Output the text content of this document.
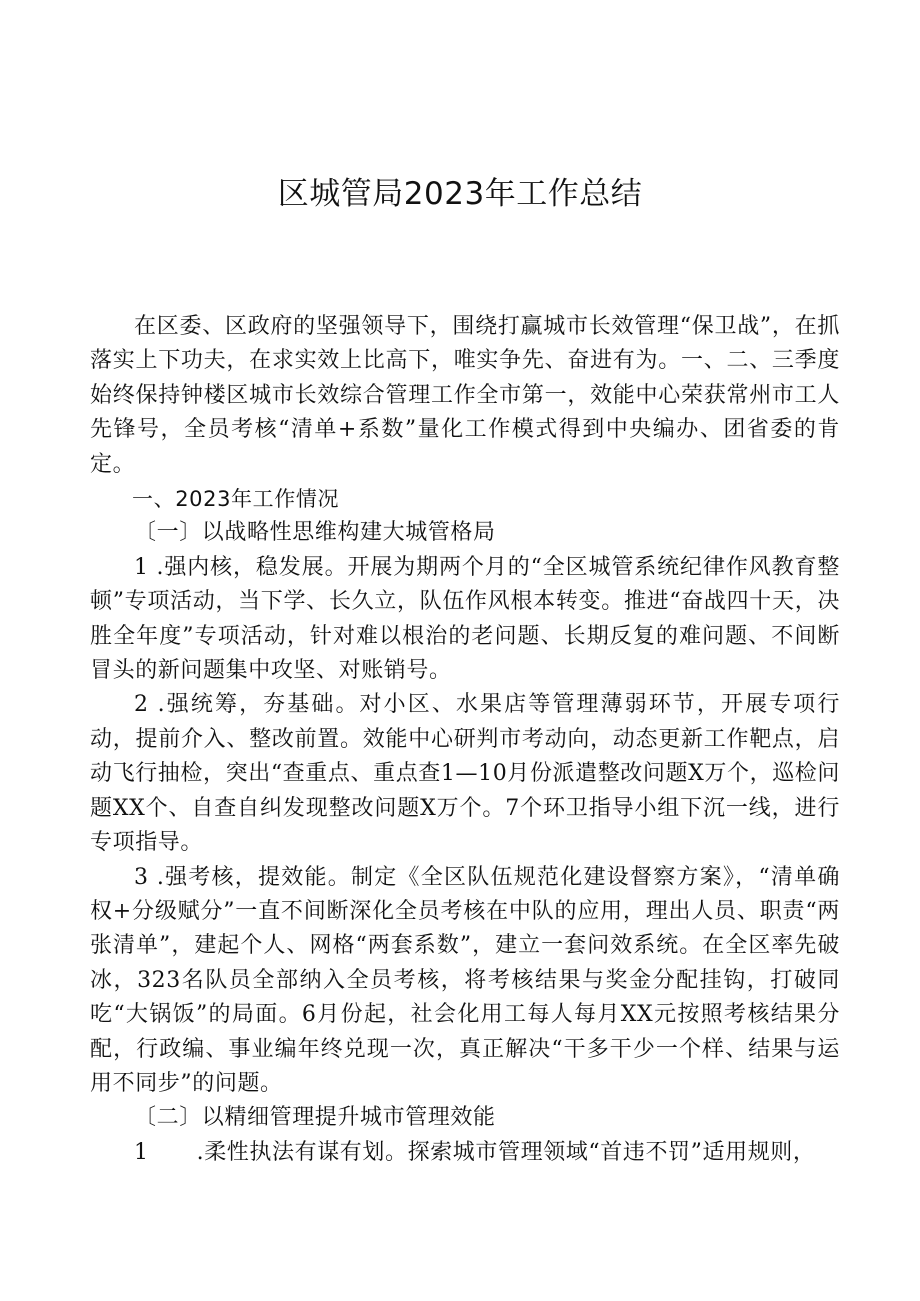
区城管局2023年工作总结

在区委、区政府的坚强领导下，围绕打赢城市长效管理“保卫战”，在抓落实上下功夫，在求实效上比高下，唯实争先、奋进有为。一、二、三季度始终保持钟楼区城市长效综合管理工作全市第一，效能中心荣获常州市工人先锋号，全员考核“清单+系数”量化工作模式得到中央编办、团省委的肯定。

一、2023年工作情况

〔一〕以战略性思维构建大城管格局

1 .强内核，稳发展。开展为期两个月的“全区城管系统纪律作风教育整顿”专项活动，当下学、长久立，队伍作风根本转变。推进“奋战四十天，决胜全年度”专项活动，针对难以根治的老问题、长期反复的难问题、不间断冒头的新问题集中攻坚、对账销号。

2 .强统筹，夯基础。对小区、水果店等管理薄弱环节，开展专项行动，提前介入、整改前置。效能中心研判市考动向，动态更新工作靶点，启动飞行抽检，突出“查重点、重点查1—10月份派遣整改问题X万个，巡检问题XX个、自查自纠发现整改问题X万个。7个环卫指导小组下沉一线，进行专项指导。

3 .强考核，提效能。制定《全区队伍规范化建设督察方案》，“清单确权+分级赋分”一直不间断深化全员考核在中队的应用，理出人员、职责“两张清单”，建起个人、网格“两套系数”，建立一套问效系统。在全区率先破冰，323名队员全部纳入全员考核，将考核结果与奖金分配挂钩，打破同吃“大锅饭”的局面。6月份起，社会化用工每人每月XX元按照考核结果分配，行政编、事业编年终兑现一次，真正解决“干多干少一个样、结果与运用不同步”的问题。

〔二〕以精细管理提升城市管理效能

1 .柔性执法有谋有划。探索城市管理领域“首违不罚”适用规则，
